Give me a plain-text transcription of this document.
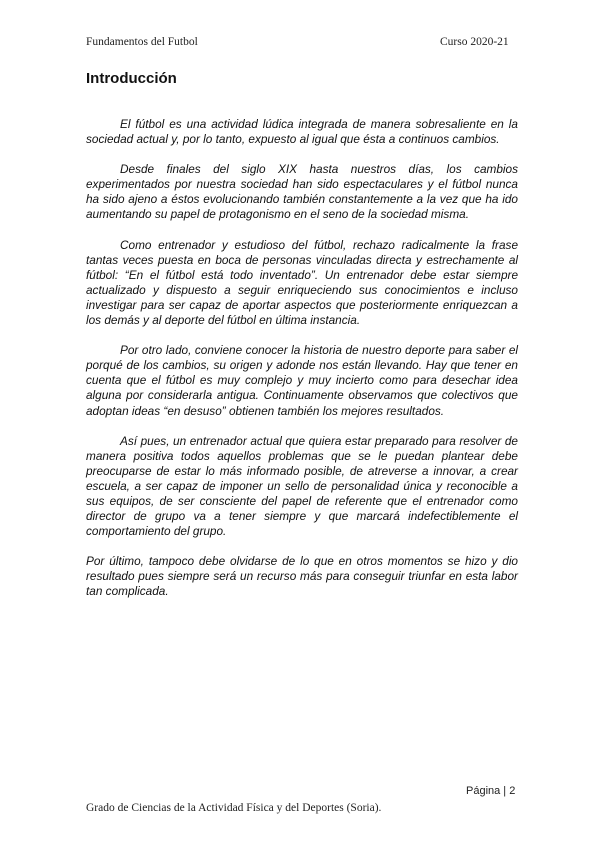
Fundamentos del Futbol	Curso 2020-21
Introducción

El fútbol es una actividad lúdica integrada de manera sobresaliente en la sociedad actual y, por lo tanto, expuesto al igual que ésta a continuos cambios.

Desde finales del siglo XIX hasta nuestros días, los cambios experimentados por nuestra sociedad han sido espectaculares y el fútbol nunca ha sido ajeno a éstos evolucionando también constantemente a la vez que ha ido aumentando su papel de protagonismo en el seno de la sociedad misma.

Como entrenador y estudioso del fútbol, rechazo radicalmente la frase tantas veces puesta en boca de personas vinculadas directa y estrechamente al fútbol: “En el fútbol está todo inventado”. Un entrenador debe estar siempre actualizado y dispuesto a seguir enriqueciendo sus conocimientos e incluso investigar para ser capaz de aportar aspectos que posteriormente enriquezcan a los demás y al deporte del fútbol en última instancia.

Por otro lado, conviene conocer la historia de nuestro deporte para saber el porqué de los cambios, su origen y adonde nos están llevando. Hay que tener en cuenta que el fútbol es muy complejo y muy incierto como para desechar idea alguna por considerarla antigua. Continuamente observamos que colectivos que adoptan ideas “en desuso” obtienen también los mejores resultados.

Así pues, un entrenador actual que quiera estar preparado para resolver de manera positiva todos aquellos problemas que se le puedan plantear debe preocuparse de estar lo más informado posible, de atreverse a innovar, a crear escuela, a ser capaz de imponer un sello de personalidad única y reconocible a sus equipos, de ser consciente del papel de referente que el entrenador como director de grupo va a tener siempre y que marcará indefectiblemente el comportamiento del grupo.

Por último, tampoco debe olvidarse de lo que en otros momentos se hizo y dio resultado pues siempre será un recurso más para conseguir triunfar en esta labor tan complicada.

Página | 2
Grado de Ciencias de la Actividad Física y del Deportes (Soria).
